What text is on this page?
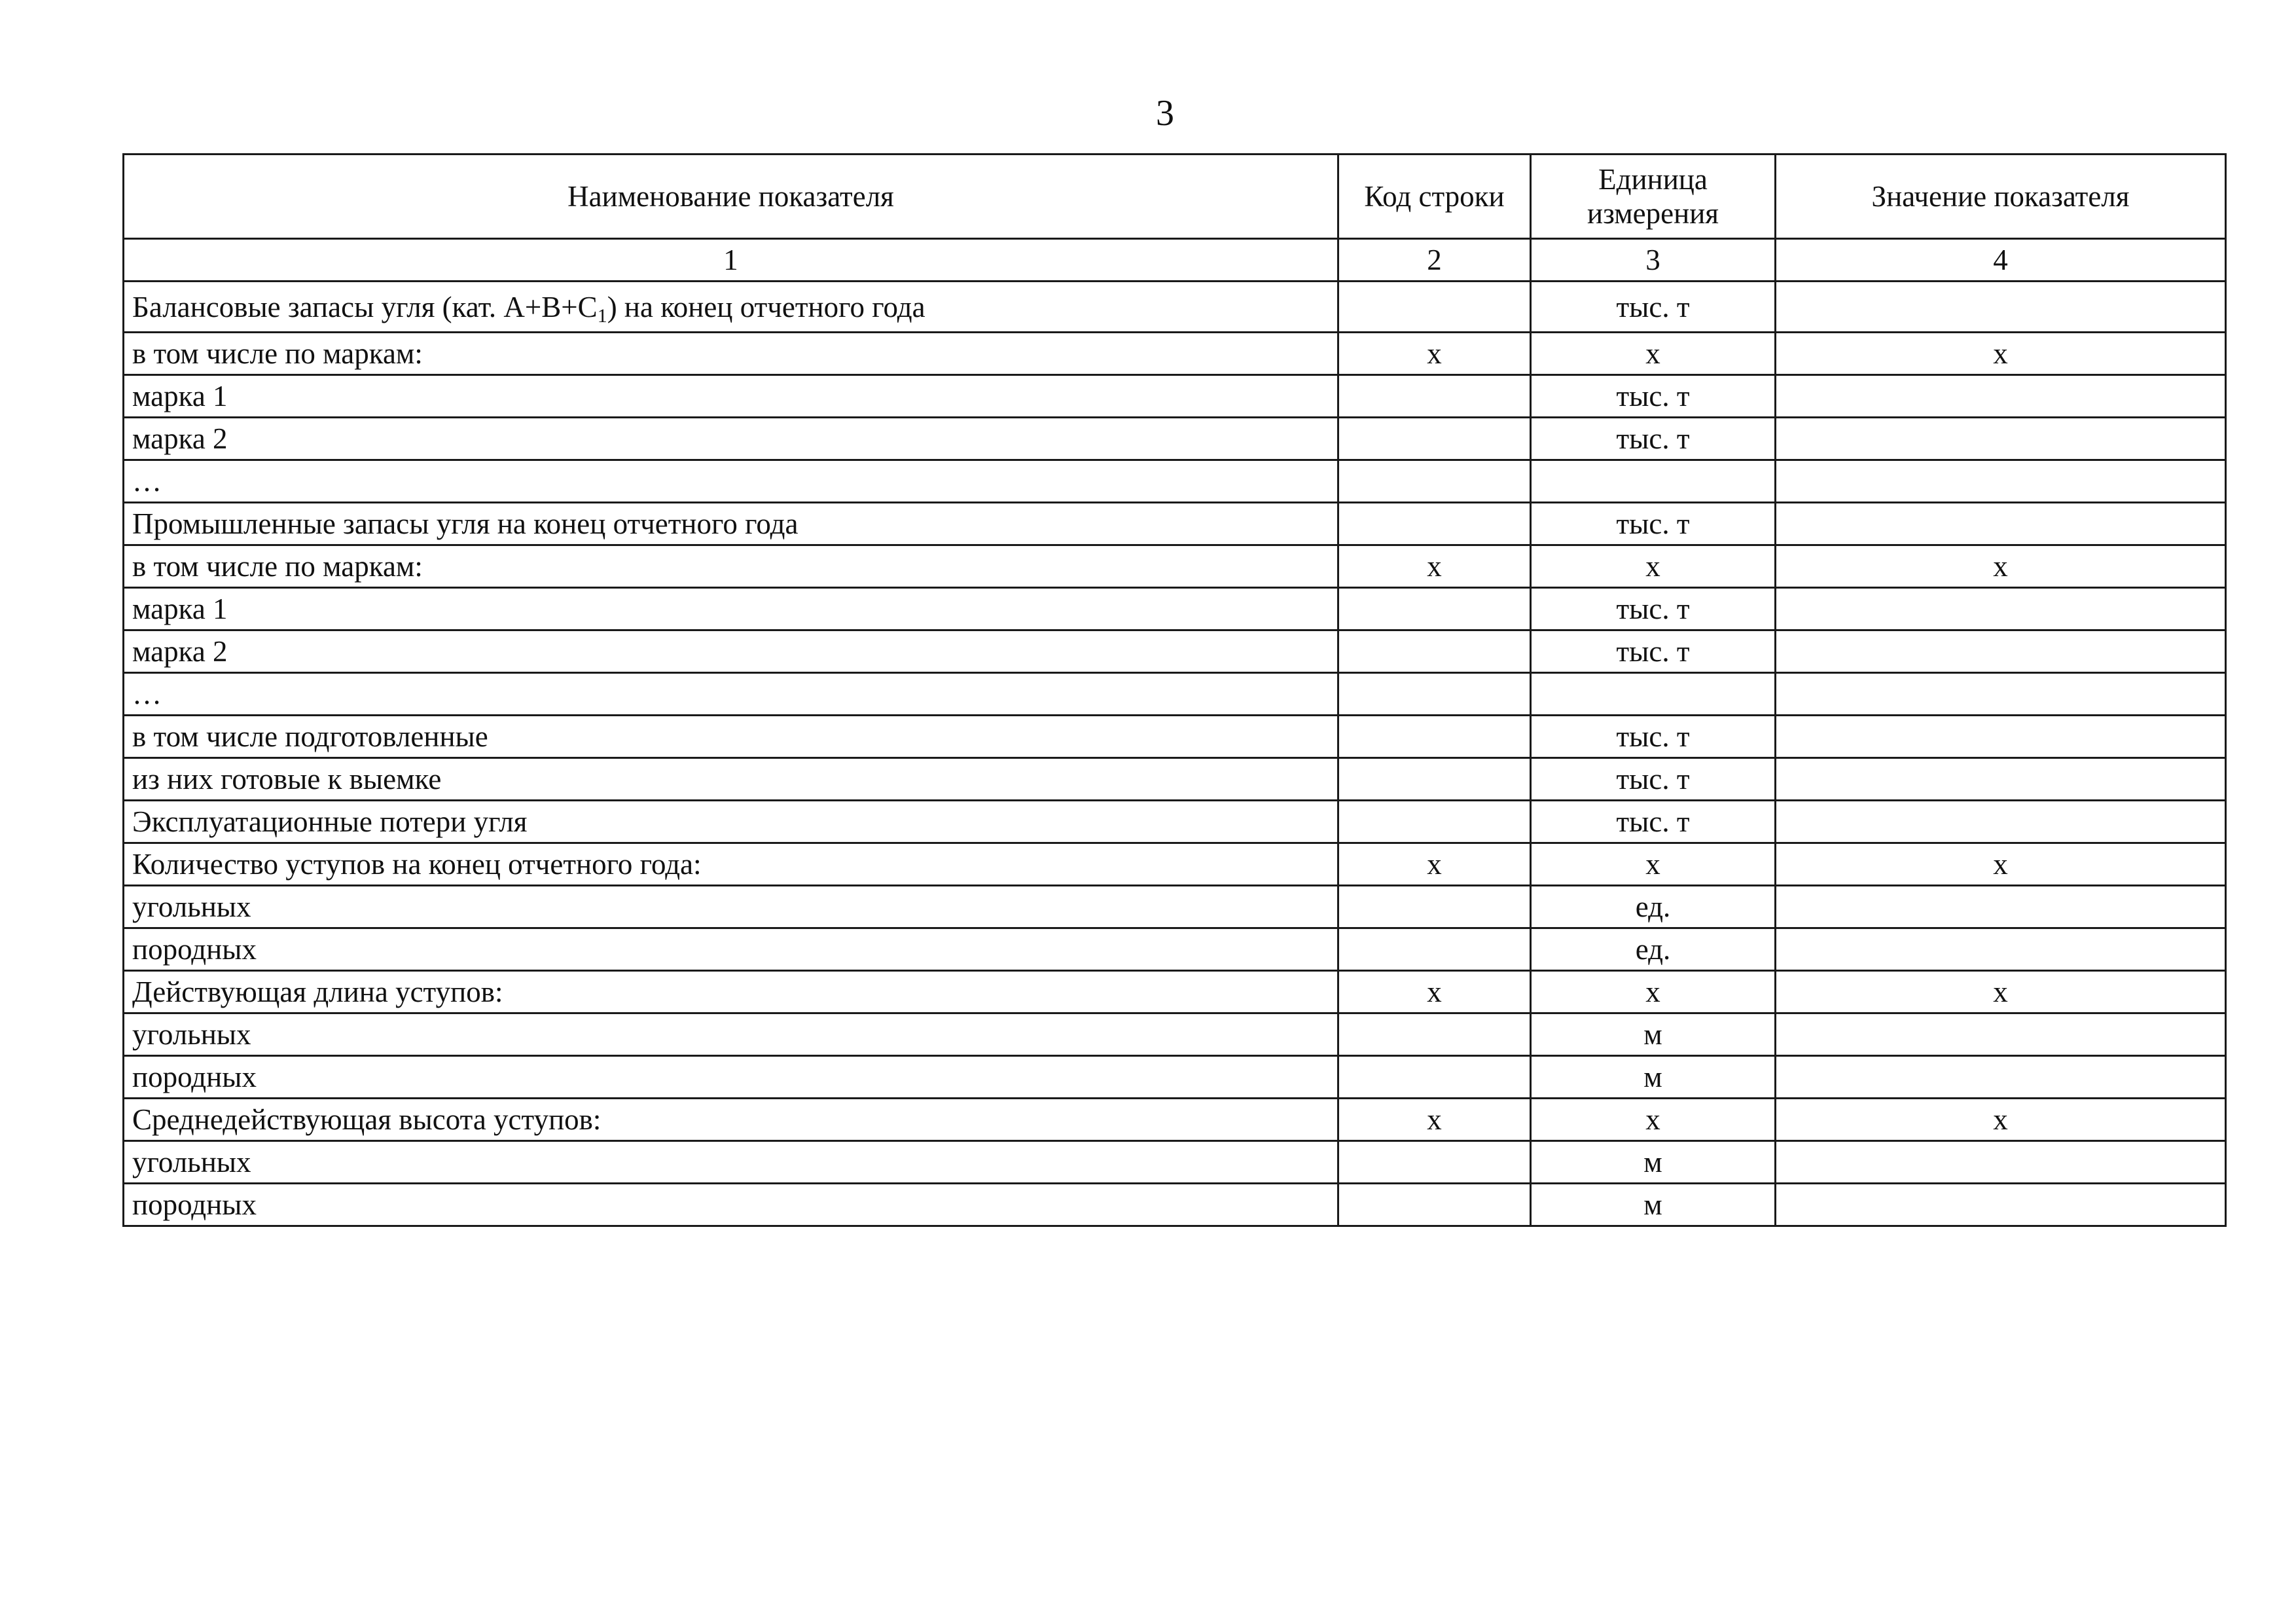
3
Наименование показателя	Код строки	Единица измерения	Значение показателя
1	2	3	4
Балансовые запасы угля (кат. $А+В+С_1$) на конец отчетного года		тыс. т	
в том числе по маркам:	х	х	х
марка 1		тыс. т	
марка 2		тыс. т	
…			
Промышленные запасы угля на конец отчетного года		тыс. т	
в том числе по маркам:	х	х	х
марка 1		тыс. т	
марка 2		тыс. т	
…			
в том числе подготовленные		тыс. т	
из них готовые к выемке		тыс. т	
Эксплуатационные потери угля		тыс. т	
Количество уступов на конец отчетного года:	х	х	х
угольных		ед.	
породных		ед.	
Действующая длина уступов:	х	х	х
угольных		м	
породных		м	
Среднедействующая высота уступов:	х	х	х
угольных		м	
породных		м	
